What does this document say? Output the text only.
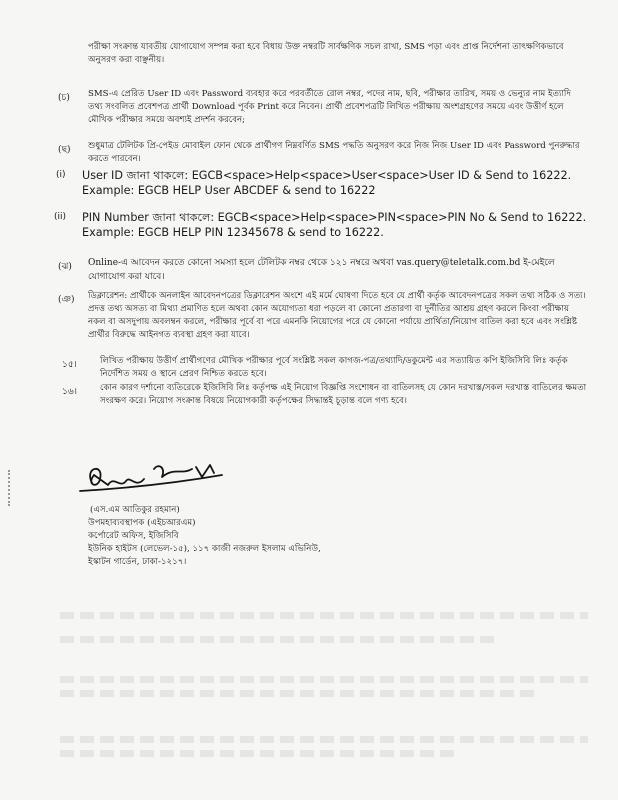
পরীক্ষা সংক্রান্ত যাবতীয় যোগাযোগ সম্পন্ন করা হবে বিধায় উক্ত নম্বরটি সার্বক্ষণিক সচল রাখা, SMS পড়া এবং প্রাপ্ত নির্দেশনা তাৎক্ষণিকভাবে অনুসরণ করা বাঞ্ছনীয়।

(চ) SMS-এ প্রেরিত User ID এবং Password ব্যবহার করে পরবর্তীতে রোল নম্বর, পদের নাম, ছবি, পরীক্ষার তারিখ, সময় ও ভেন্যুর নাম ইত্যাদি তথ্য সংবলিত প্রবেশপত্র প্রার্থী Download পূর্বক Print করে নিবেন। প্রার্থী প্রবেশপত্রটি লিখিত পরীক্ষায় অংশগ্রহণের সময়ে এবং উত্তীর্ণ হলে মৌখিক পরীক্ষার সময়ে অবশ্যই প্রদর্শন করবেন;

(ছ) শুধুমাত্র টেলিটক প্রি-পেইড মোবাইল ফোন থেকে প্রার্থীগণ নিম্নবর্ণিত SMS পদ্ধতি অনুসরণ করে নিজ নিজ User ID এবং Password পুনরুদ্ধার করতে পারবেন।

(i) User ID জানা থাকলে: EGCB<space>Help<space>User<space>User ID & Send to 16222. Example: EGCB HELP User ABCDEF & send to 16222

(ii) PIN Number জানা থাকলে: EGCB<space>Help<space>PIN<space>PIN No & Send to 16222. Example: EGCB HELP PIN 12345678 & send to 16222.

(ঝ) Online-এ আবেদন করতে কোনো সমস্যা হলে টেলিটক নম্বর থেকে ১২১ নম্বরে অথবা vas.query@teletalk.com.bd ই-মেইলে যোগাযোগ করা যাবে।

(ঞ) ডিক্লারেশন: প্রার্থীকে অনলাইন আবেদনপত্রের ডিক্লারেশন অংশে এই মর্মে ঘোষণা দিতে হবে যে প্রার্থী কর্তৃক আবেদনপত্রের সকল তথ্য সঠিক ও সত্য। প্রদত্ত তথ্য অসত্য বা মিথ্যা প্রমাণিত হলে অথবা কোন অযোগ্যতা ধরা পড়লে বা কোনো প্রতারণা বা দুর্নীতির আশ্রয় গ্রহণ করলে কিংবা পরীক্ষায় নকল বা অসদুপায় অবলম্বন করলে, পরীক্ষার পূর্বে বা পরে এমনকি নিয়োগের পরে যে কোনো পর্যায়ে প্রার্থিতা/নিয়োগ বাতিল করা হবে এবং সংশ্লিষ্ট প্রার্থীর বিরুদ্ধে আইনগত ব্যবস্থা গ্রহণ করা যাবে।

১৫।	লিখিত পরীক্ষায় উত্তীর্ণ প্রার্থীগণের মৌখিক পরীক্ষার পূর্বে সংশ্লিষ্ট সকল কাগজ-পত্র/তথ্যাদি/ডকুমেন্ট এর সত্যায়িত কপি ইজিসিবি লিঃ কর্তৃক নির্দেশিত সময় ও স্থানে প্রেরণ নিশ্চিত করতে হবে।

১৬।	কোন কারণ দর্শানো ব্যতিরেকে ইজিসিবি লিঃ কর্তৃপক্ষ এই নিয়োগ বিজ্ঞপ্তি সংশোধন বা বাতিলসহ যে কোন দরখাস্ত/সকল দরখাস্ত বাতিলের ক্ষমতা সংরক্ষণ করে। নিয়োগ সংক্রান্ত বিষয়ে নিয়োগকারী কর্তৃপক্ষের সিদ্ধান্তই চূড়ান্ত বলে গণ্য হবে।

(এস.এম আতিকুর রহমান)
উপমহাব্যবস্থাপক (এইচআরএম)
কর্পোরেট অফিস, ইজিসিবি
ইউনিক হাইটস (লেভেল-১৫), ১১৭ কাজী নজরুল ইসলাম এভিনিউ,
ইস্কাটন গার্ডেন, ঢাকা-১২১৭।
